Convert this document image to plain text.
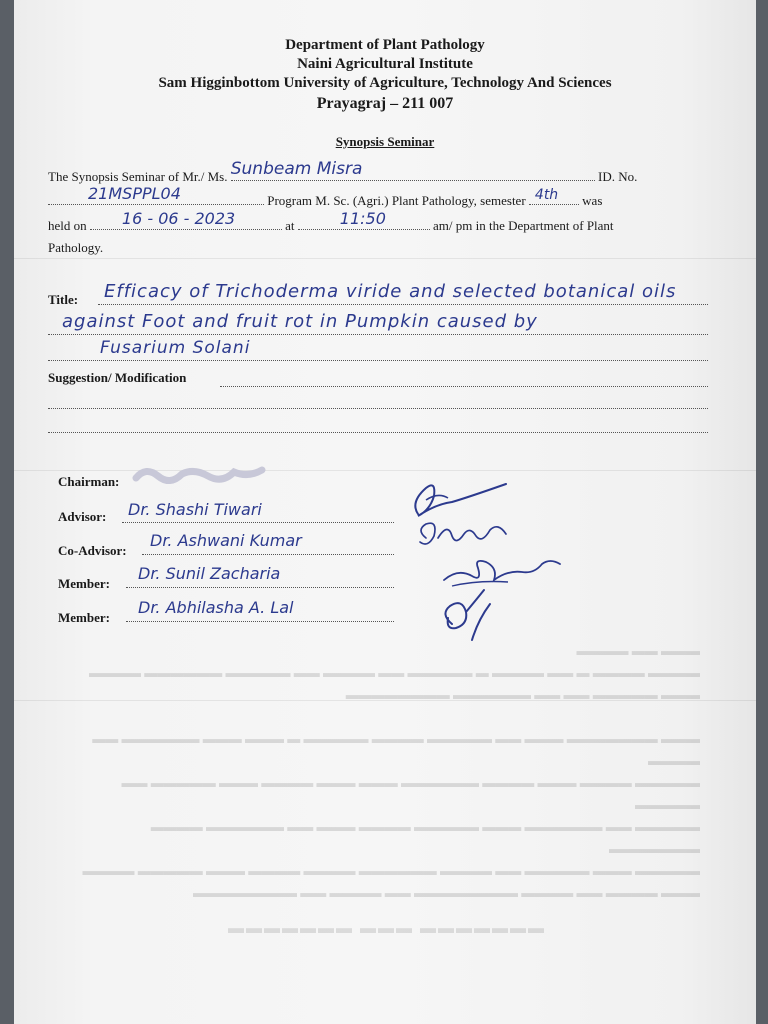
▬▬▬ ▬▬ ▬▬▬▬
▬▬▬▬ ▬▬▬▬ ▬ ▬▬ ▬▬▬▬ ▬ ▬▬▬▬▬ ▬▬ ▬▬▬▬ ▬▬ ▬▬▬▬▬ ▬▬▬▬▬▬ ▬▬▬▬
▬▬▬ ▬▬▬▬▬ ▬▬ ▬▬ ▬▬▬▬▬▬ ▬▬▬▬▬▬▬▬

▬▬▬ ▬▬▬▬▬▬▬ ▬▬▬ ▬▬ ▬▬▬▬▬ ▬▬▬▬ ▬▬▬▬▬ ▬ ▬▬▬ ▬▬▬ ▬▬▬▬▬▬ ▬▬ ▬▬▬▬
▬▬▬▬▬ ▬▬▬▬ ▬▬▬ ▬▬▬▬ ▬▬▬▬▬▬ ▬▬▬ ▬▬▬ ▬▬▬▬ ▬▬▬ ▬▬▬▬▬ ▬▬ ▬▬▬▬▬
▬▬▬▬▬ ▬▬ ▬▬▬▬▬▬ ▬▬▬ ▬▬▬▬▬ ▬▬▬▬ ▬▬▬ ▬▬ ▬▬▬▬▬▬ ▬▬▬▬ ▬▬▬▬▬▬▬
▬▬▬▬▬ ▬▬▬ ▬▬▬▬▬ ▬▬ ▬▬▬▬ ▬▬▬▬▬▬ ▬▬▬▬ ▬▬▬▬ ▬▬▬ ▬▬▬▬▬ ▬▬▬▬
▬▬▬ ▬▬▬▬ ▬▬ ▬▬▬▬ ▬▬▬▬▬▬▬▬ ▬▬ ▬▬▬▬ ▬▬ ▬▬▬▬▬▬▬▬
▬▬▬▬▬▬▬ ▬▬▬ ▬▬▬▬▬▬▬
Department of Plant Pathology
Naini Agricultural Institute
Sam Higginbottom University of Agriculture, Technology And Sciences
Prayagraj – 211 007
Synopsis Seminar
The Synopsis Seminar of Mr./ Ms. Sunbeam Misra	ID. No.
21MSPPL04	Program M. Sc. (Agri.) Plant Pathology, semester 4th was
held on 16 - 06 - 2023	at	11:50	am/ pm in the Department of Plant
Pathology.
Title:	Efficacy of Trichoderma viride and selected botanical oils
against Foot and fruit rot in Pumpkin caused by
Fusarium Solani
Suggestion/ Modification
Chairman:
Advisor: Dr. Shashi Tiwari
Co-Advisor:
Dr. Ashwani Kumar
Member:
Dr. Sunil Zacharia
Member:
Dr. Abhilasha A. Lal
